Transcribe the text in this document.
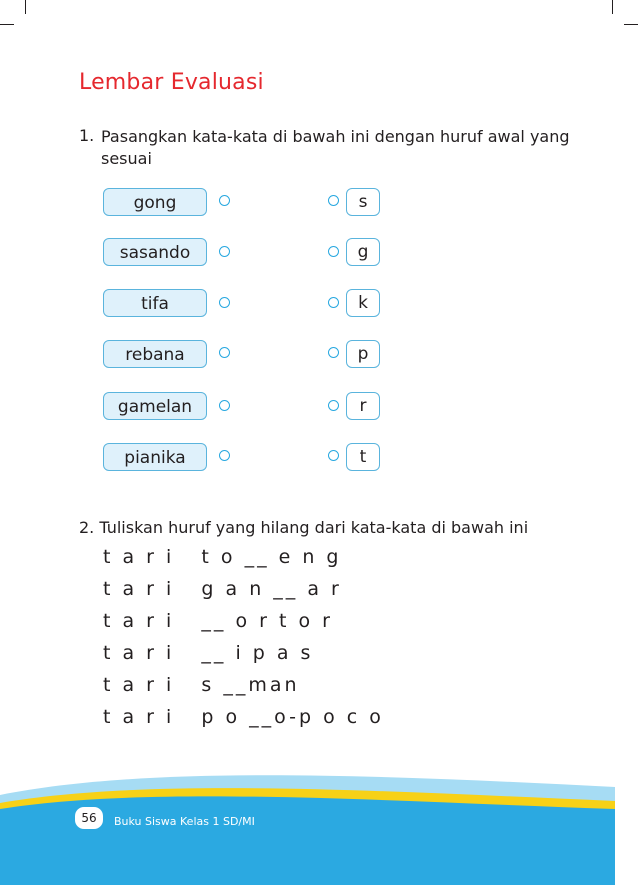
Lembar Evaluasi
1. Pasangkan kata-kata di bawah ini dengan huruf awal yang sesuai
gong
sasando
tifa
rebana
gamelan
pianika
s
g
k
p
r
t
2. Tuliskan huruf yang hilang dari kata-kata di bawah ini
t a r i   t o __ e n g
t a r i   g a n __ a r
t a r i   __ o r t o r
t a r i   __ i p a s
t a r i   s __man
t a r i   p o __o-p o c o
56	Buku Siswa Kelas 1 SD/MI
